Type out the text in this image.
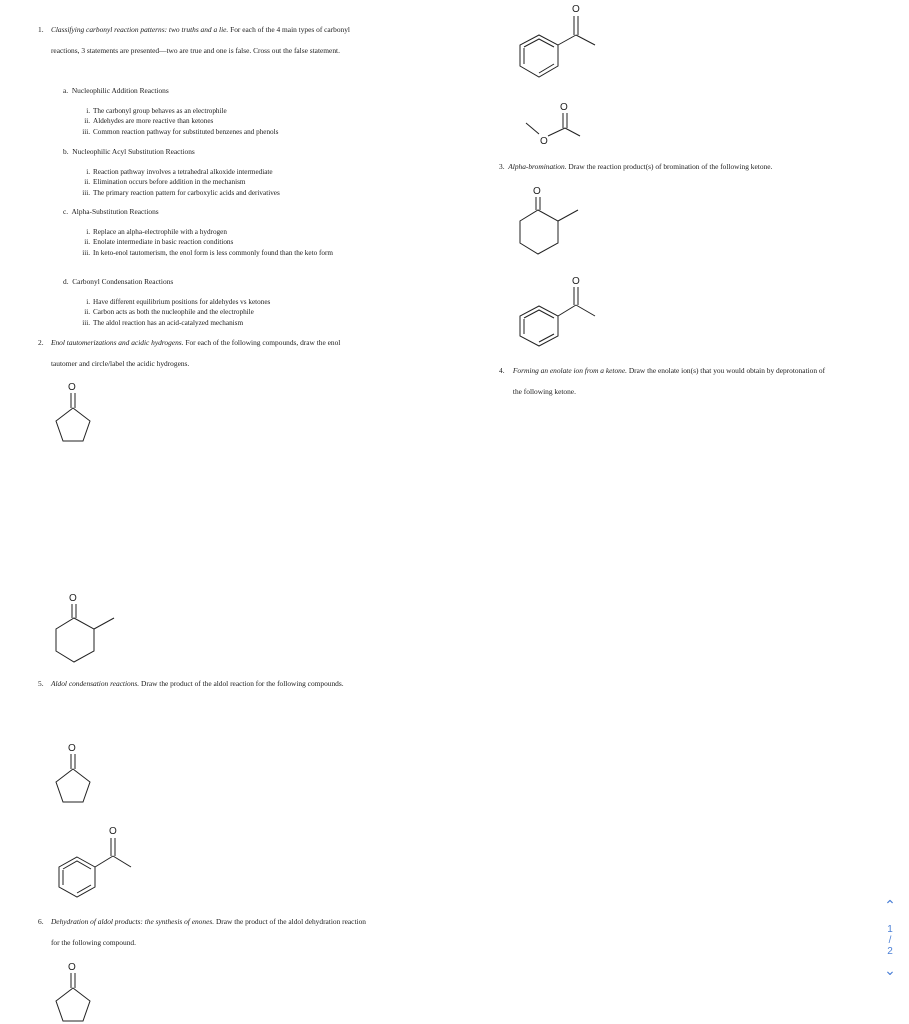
1.	Classifying carbonyl reaction patterns: two truths and a lie. For each of the 4 main types of carbonyl reactions, 3 statements are presented—two are true and one is false. Cross out the false statement.
a. Nucleophilic Addition Reactions
i. The carbonyl group behaves as an electrophile
ii. Aldehydes are more reactive than ketones
iii. Common reaction pathway for substituted benzenes and phenols
b. Nucleophilic Acyl Substitution Reactions
i. Reaction pathway involves a tetrahedral alkoxide intermediate
ii. Elimination occurs before addition in the mechanism
iii. The primary reaction pattern for carboxylic acids and derivatives
c. Alpha-Substitution Reactions
i. Replace an alpha-electrophile with a hydrogen
ii. Enolate intermediate in basic reaction conditions
iii. In keto-enol tautomerism, the enol form is less commonly found than the keto form
d. Carbonyl Condensation Reactions
i. Have different equilibrium positions for aldehydes vs ketones
ii. Carbon acts as both the nucleophile and the electrophile
iii. The aldol reaction has an acid-catalyzed mechanism
2.	Enol tautomerizations and acidic hydrogens. For each of the following compounds, draw the enol tautomer and circle/label the acidic hydrogens.
O
O
5.	Aldol condensation reactions. Draw the product of the aldol reaction for the following compounds.
O
O
6.	Dehydration of aldol products: the synthesis of enones. Draw the product of the aldol dehydration reaction for the following compound.
O
O
O
O
3. Alpha-bromination. Draw the reaction product(s) of bromination of the following ketone.
O
O
4.	Forming an enolate ion from a ketone. Draw the enolate ion(s) that you would obtain by deprotonation of the following ketone.
⌃
1
/
2
⌄
